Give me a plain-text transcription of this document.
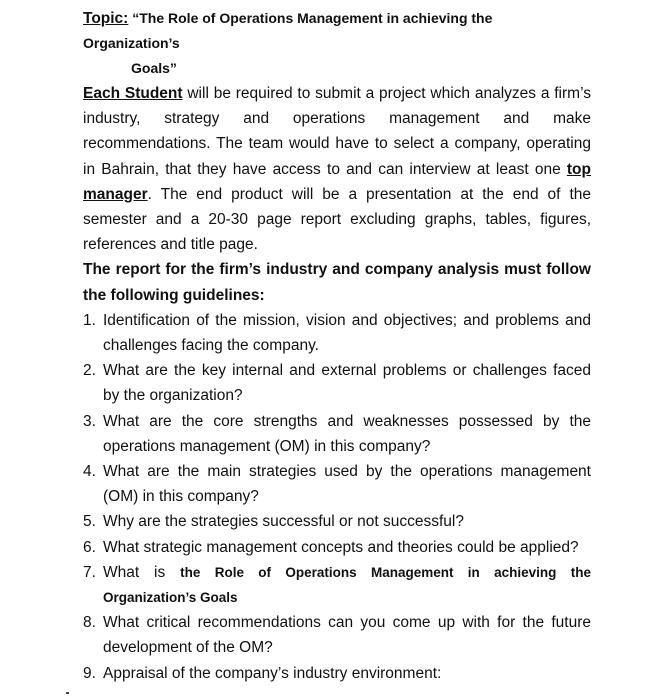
Topic: “The Role of Operations Management in achieving the Organization’s
Goals”

Each Student will be required to submit a project which analyzes a firm’s industry, strategy and operations management and make recommendations. The team would have to select a company, operating in Bahrain, that they have access to and can interview at least one top manager. The end product will be a presentation at the end of the semester and a 20-30 page report excluding graphs, tables, figures, references and title page.

The report for the firm’s industry and company analysis must follow the following guidelines:

1. Identification of the mission, vision and objectives; and problems and challenges facing the company.
2. What are the key internal and external problems or challenges faced by the organization?
3. What are the core strengths and weaknesses possessed by the operations management (OM) in this company?
4. What are the main strategies used by the operations management (OM) in this company?
5. Why are the strategies successful or not successful?
6. What strategic management concepts and theories could be applied?
7. What is the Role of Operations Management in achieving the Organization’s Goals
8. What critical recommendations can you come up with for the future development of the OM?
9. Appraisal of the company’s industry environment:
